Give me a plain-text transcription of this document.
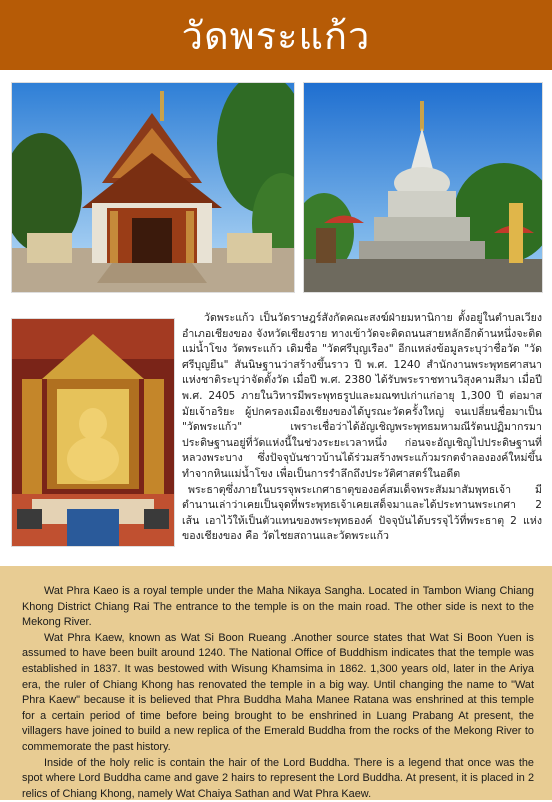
วัดพระแก้ว

วัดพระแก้ว เป็นวัดราษฎร์สังกัดคณะสงฆ์ฝ่ายมหานิกาย ตั้งอยู่ในตำบลเวียง อำเภอเชียงของ จังหวัดเชียงราย ทางเข้าวัดจะติดถนนสายหลักอีกด้านหนึ่งจะติดแม่น้ำโขง วัดพระแก้ว เดิมชื่อ "วัดศรีบุญเรือง" อีกแหล่งข้อมูลระบุว่าชื่อวัด "วัดศรีบุญยืน" สันนิษฐานว่าสร้างขึ้นราว ปี พ.ศ. 1240 สำนักงานพระพุทธศาสนาแห่งชาติระบุว่าจัดตั้งวัด เมื่อปี พ.ศ. 2380 ได้รับพระราชทานวิสุงคามสีมา เมื่อปี พ.ศ. 2405 ภายในวิหารมีพระพุทธรูปและมณฑปเก่าแก่อายุ 1,300 ปี ต่อมาสมัยเจ้าอริยะ ผู้ปกครองเมืองเชียงของได้บูรณะวัดครั้งใหญ่ จนเปลี่ยนชื่อมาเป็น "วัดพระแก้ว" เพราะเชื่อว่าได้อัญเชิญพระพุทธมหามณีรัตนปฏิมากรมาประดิษฐานอยู่ที่วัดแห่งนี้ในช่วงระยะเวลาหนึ่ง ก่อนจะอัญเชิญไปประดิษฐานที่หลวงพระบาง ซึ่งปัจจุบันชาวบ้านได้ร่วมสร้างพระแก้วมรกตจำลององค์ใหม่ขึ้น ทำจากหินแม่น้ำโขง เพื่อเป็นการรำลึกถึงประวัติศาสตร์ในอดีต

พระธาตุซึ่งภายในบรรจุพระเกศาธาตุของอค์สมเด็จพระสัมมาสัมพุทธเจ้า มีตำนานเล่าว่าเคยเป็นจุดที่พระพุทธเจ้าเคยเสด็จมาและได้ประทานพระเกศา 2 เส้น เอาไว้ให้เป็นตัวแทนของพระพุทธองค์ ปัจจุบันได้บรรจุไว้ที่พระธาตุ 2 แห่งของเชียงของ คือ วัดไชยสถานและวัดพระแก้ว

Wat Phra Kaeo is a royal temple under the Maha Nikaya Sangha. Located in Tambon Wiang Chiang Khong District Chiang Rai The entrance to the temple is on the main road. The other side is next to the Mekong River.

Wat Phra Kaew, known as Wat Si Boon Rueang .Another source states that Wat Si Boon Yuen is assumed to have been built around 1240. The National Office of Buddhism indicates that the temple was established in 1837. It was bestowed with Wisung Khamsima in 1862. 1,300 years old, later in the Ariya era, the ruler of Chiang Khong has renovated the temple in a big way. Until changing the name to "Wat Phra Kaew" because it is believed that Phra Buddha Maha Manee Ratana was enshrined at this temple for a certain period of time before being brought to be enshrined in Luang Prabang At present, the villagers have joined to build a new replica of the Emerald Buddha from the rocks of the Mekong River to commemorate the past history.

Inside of the holy relic is contain the hair of the Lord Buddha. There is a legend that once was the spot where Lord Buddha came and gave 2 hairs to represent the Lord Buddha. At present, it is placed in 2 relics of Chiang Khong, namely Wat Chaiya Sathan and Wat Phra Kaew.
